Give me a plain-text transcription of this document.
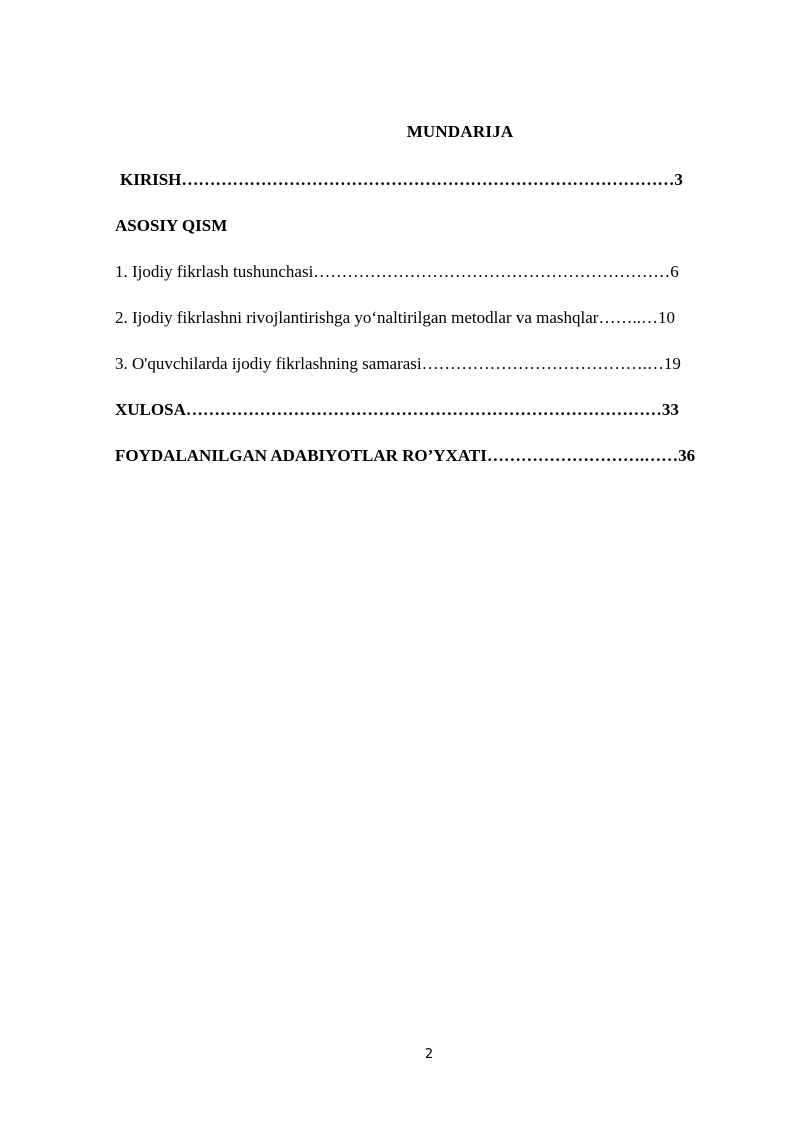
MUNDARIJA
KIRISH……………………………………………………………………………3
ASOSIY QISM
1. Ijodiy fikrlash tushunchasi………………………………………………………6
2. Ijodiy fikrlashni rivojlantirishga yo‘naltirilgan metodlar va mashqlar……..…10
3. O'quvchilarda ijodiy fikrlashning samarasi………………………………….…19
XULOSA…………………………………………………………………………33
FOYDALANILGAN ADABIYOTLAR RO’YXATI……………………….……36
2
